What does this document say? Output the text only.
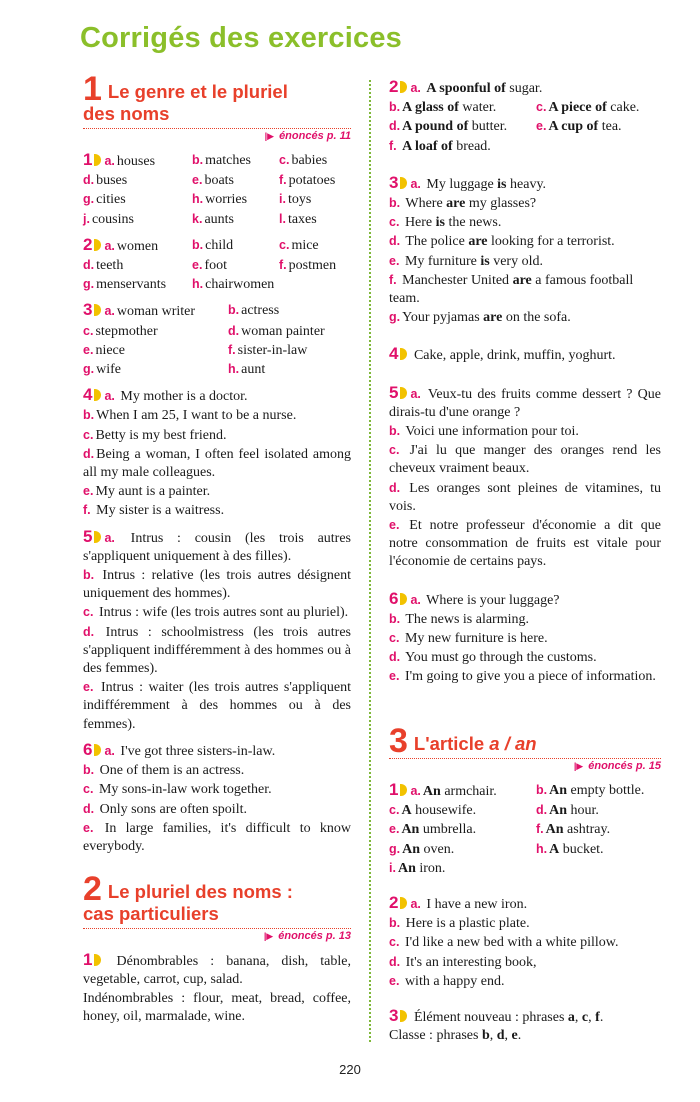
Corrigés des exercices
1 Le genre et le pluriel
des noms
|▶ énoncés p. 11
1 a. houses	b. matches	c. babies
d. buses	e. boats	f. potatoes
g. cities	h. worries	i. toys
j. cousins	k. aunts	l. taxes
2 a. women	b. child	c. mice
d. teeth	e. foot	f. postmen
g. menservants	h. chairwomen
3 a. woman writer	b. actress
c. stepmother	d. woman painter
e. niece	f. sister-in-law
g. wife	h. aunt

4 a. My mother is a doctor.

b. When I am 25, I want to be a nurse.

c. Betty is my best friend.

d. Being a woman, I often feel isolated among all my male colleagues.

e. My aunt is a painter.

f. My sister is a waitress.

5 a. Intrus : cousin (les trois autres s'appliquent uniquement à des filles).

b. Intrus : relative (les trois autres désignent uniquement des hommes).

c. Intrus : wife (les trois autres sont au pluriel).

d. Intrus : schoolmistress (les trois autres s'appliquent indifféremment à des hommes ou à des femmes).

e. Intrus : waiter (les trois autres s'appliquent indifféremment à des hommes ou à des femmes).

6 a. I've got three sisters-in-law.

b. One of them is an actress.

c. My sons-in-law work together.

d. Only sons are often spoilt.

e. In large families, it's difficult to know everybody.

2 Le pluriel des noms :
cas particuliers
|▶ énoncés p. 13

1 Dénombrables : banana, dish, table, vegetable, carrot, cup, salad.

Indénombrables : flour, meat, bread, coffee, honey, oil, marmalade, wine.

2 a. A spoonful of sugar.

b. A glass of water.	c. A piece of cake.
d. A pound of butter.	e. A cup of tea.

f. A loaf of bread.

3 a. My luggage is heavy.

b. Where are my glasses?

c. Here is the news.

d. The police are looking for a terrorist.

e. My furniture is very old.

f. Manchester United are a famous football team.

g. Your pyjamas are on the sofa.

4 Cake, apple, drink, muffin, yoghurt.

5 a. Veux-tu des fruits comme dessert ? Que dirais-tu d'une orange ?

b. Voici une information pour toi.

c. J'ai lu que manger des oranges rend les cheveux vraiment beaux.

d. Les oranges sont pleines de vitamines, tu vois.

e. Et notre professeur d'économie a dit que notre consommation de fruits est vitale pour l'économie de certains pays.

6 a. Where is your luggage?

b. The news is alarming.

c. My new furniture is here.

d. You must go through the customs.

e. I'm going to give you a piece of information.

3 L'article a / an
|▶ énoncés p. 15
1 a. An armchair.	b. An empty bottle.
c. A housewife.	d. An hour.
e. An umbrella.	f. An ashtray.
g. An oven.	h. A bucket.
i. An iron.

2 a. I have a new iron.

b. Here is a plastic plate.

c. I'd like a new bed with a white pillow.

d. It's an interesting book,

e. with a happy end.

3 Élément nouveau : phrases a, c, f.

Classe : phrases b, d, e.

220
